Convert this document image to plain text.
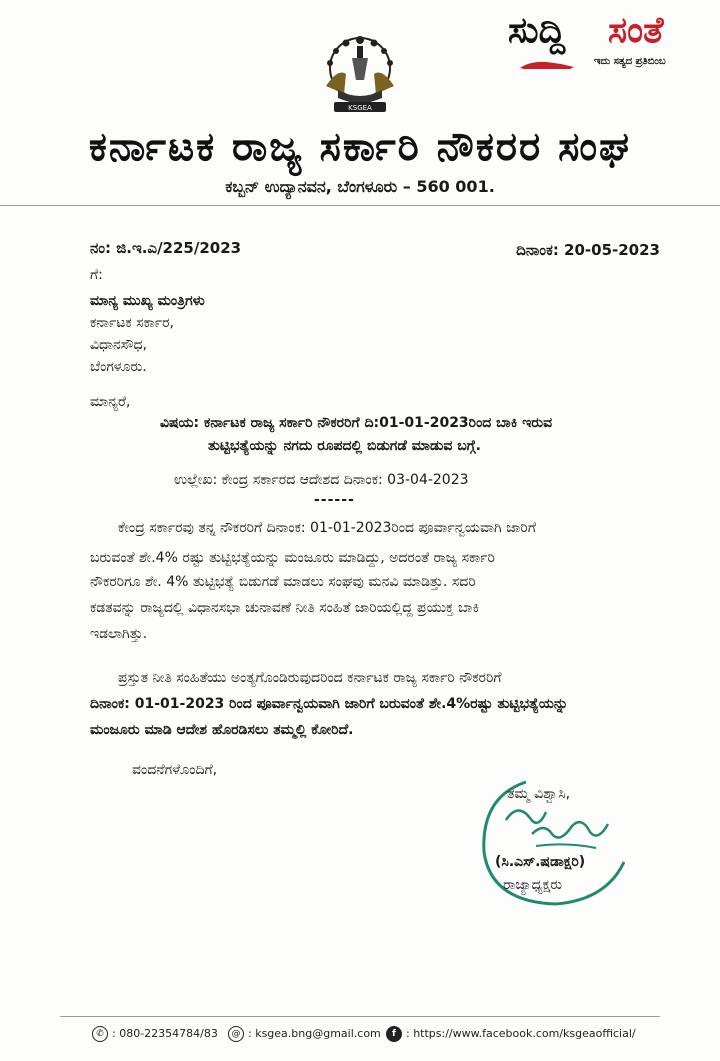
ಸುದ್ದಿ ಸಂತೆ
ಇದು ಸತ್ಯದ ಪ್ರತಿಬಿಂಬ
KSGEA
ಕರ್ನಾಟಕ ರಾಜ್ಯ ಸರ್ಕಾರಿ ನೌಕರರ ಸಂಘ
ಕಬ್ಬನ್ ಉದ್ಯಾನವನ, ಬೆಂಗಳೂರು – 560 001.
ನಂ: ಜಿ.ಇ.ಎ/225/2023	ದಿನಾಂಕ: 20-05-2023
ಗೆ:
ಮಾನ್ಯ ಮುಖ್ಯ ಮಂತ್ರಿಗಳು
ಕರ್ನಾಟಕ ಸರ್ಕಾರ,
ವಿಧಾನಸೌಧ,
ಬೆಂಗಳೂರು.
ಮಾನ್ಯರೆ,
ವಿಷಯ: ಕರ್ನಾಟಕ ರಾಜ್ಯ ಸರ್ಕಾರಿ ನೌಕರರಿಗೆ ದಿ:01-01-2023ರಿಂದ ಬಾಕಿ ಇರುವ
ತುಟ್ಟಿಭತ್ಯೆಯನ್ನು ನಗದು ರೂಪದಲ್ಲಿ ಬಿಡುಗಡೆ ಮಾಡುವ ಬಗ್ಗೆ.
ಉಲ್ಲೇಖ: ಕೇಂದ್ರ ಸರ್ಕಾರದ ಆದೇಶದ ದಿನಾಂಕ: 03-04-2023
------
ಕೇಂದ್ರ ಸರ್ಕಾರವು ತನ್ನ ನೌಕರರಿಗೆ ದಿನಾಂಕ: 01-01-2023ರಿಂದ ಪೂರ್ವಾನ್ವಯವಾಗಿ ಜಾರಿಗೆ
ಬರುವಂತೆ ಶೇ.4% ರಷ್ಟು ತುಟ್ಟಿಭತ್ಯೆಯನ್ನು ಮಂಜೂರು ಮಾಡಿದ್ದು, ಅದರಂತೆ ರಾಜ್ಯ ಸರ್ಕಾರಿ
ನೌಕರರಿಗೂ ಶೇ. 4% ತುಟ್ಟಿಭತ್ಯೆ ಬಿಡುಗಡೆ ಮಾಡಲು ಸಂಘವು ಮನವಿ ಮಾಡಿತ್ತು. ಸದರಿ
ಕಡತವನ್ನು ರಾಜ್ಯದಲ್ಲಿ ವಿಧಾನಸಭಾ ಚುನಾವಣೆ ನೀತಿ ಸಂಹಿತೆ ಜಾರಿಯಲ್ಲಿದ್ದ ಪ್ರಯುಕ್ತ ಬಾಕಿ
ಇಡಲಾಗಿತ್ತು.
ಪ್ರಸ್ತುತ ನೀತಿ ಸಂಹಿತೆಯು ಅಂತ್ಯಗೊಂಡಿರುವುದರಿಂದ ಕರ್ನಾಟಕ ರಾಜ್ಯ ಸರ್ಕಾರಿ ನೌಕರರಿಗೆ
ದಿನಾಂಕ: 01-01-2023 ರಿಂದ ಪೂರ್ವಾನ್ವಯವಾಗಿ ಜಾರಿಗೆ ಬರುವಂತೆ ಶೇ.4%ರಷ್ಟು ತುಟ್ಟಿಭತ್ಯೆಯನ್ನು
ಮಂಜೂರು ಮಾಡಿ ಆದೇಶ ಹೊರಡಿಸಲು ತಮ್ಮಲ್ಲಿ ಕೋರಿದೆ.
ವಂದನೆಗಳೊಂದಿಗೆ,
ತಮ್ಮ ವಿಶ್ವಾಸಿ,
(ಸಿ.ಎಸ್.ಷಡಾಕ್ಷರಿ)
ರಾಜ್ಯಾಧ್ಯಕ್ಷರು
✆ : 080-22354784/83	@ : ksgea.bng@gmail.com	f : https://www.facebook.com/ksgeaofficial/
